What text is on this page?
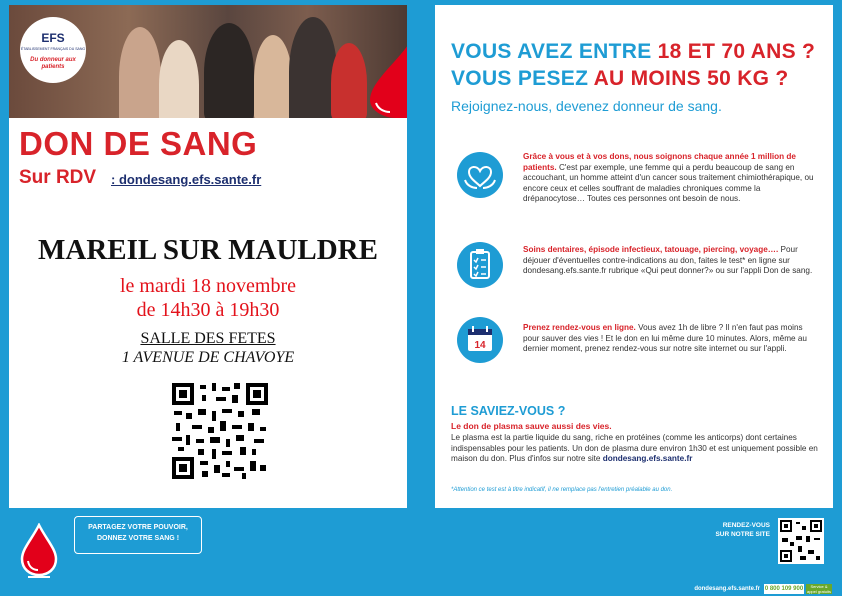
EFS
ÉTABLISSEMENT FRANÇAIS DU SANG
Du donneur aux patients
DON DE SANG
Sur RDV : dondesang.efs.sante.fr
MAREIL SUR MAULDRE
le mardi 18 novembre
de 14h30 à 19h30
SALLE DES FETES
1 AVENUE DE CHAVOYE
VOUS AVEZ ENTRE 18 ET 70 ANS ?
VOUS PESEZ AU MOINS 50 KG ?
Rejoignez-nous, devenez donneur de sang.
Grâce à vous et à vos dons, nous soignons chaque année 1 million de patients. C'est par exemple, une femme qui a perdu beaucoup de sang en accouchant, un homme atteint d'un cancer sous traitement chimiothérapique, ou encore ceux et celles souffrant de maladies chroniques comme la drépanocytose… Toutes ces personnes ont besoin de nous.
Soins dentaires, épisode infectieux, tatouage, piercing, voyage…. Pour déjouer d'éventuelles contre-indications au don, faites le test* en ligne sur dondesang.efs.sante.fr rubrique «Qui peut donner?» ou sur l'appli Don de sang.
14
Prenez rendez-vous en ligne. Vous avez 1h de libre ? Il n'en faut pas moins pour sauver des vies ! Et le don en lui même dure 10 minutes. Alors, même au dernier moment, prenez rendez-vous sur notre site internet ou sur l'appli.
LE SAVIEZ-VOUS ?
Le don de plasma sauve aussi des vies.
Le plasma est la partie liquide du sang, riche en protéines (comme les anticorps) dont certaines indispensables pour les patients. Un don de plasma dure environ 1h30 et est uniquement possible en maison du don. Plus d'infos sur notre site dondesang.efs.sante.fr
*Attention ce test est à titre indicatif, il ne remplace pas l'entretien préalable au don.
PARTAGEZ VOTRE POUVOIR,
DONNEZ VOTRE SANG !
RENDEZ-VOUS
SUR NOTRE SITE
dondesang.efs.sante.fr 0 800 109 900	Service & appel gratuits
